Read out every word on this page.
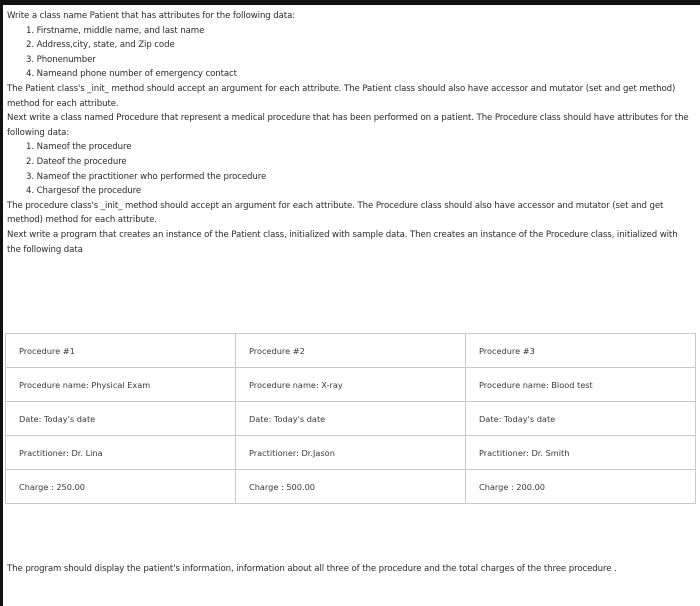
Write a class name Patient that has attributes for the following data:
1. Firstname, middle name, and last name
2. Address,city, state, and Zip code
3. Phonenumber
4. Nameand phone number of emergency contact
The Patient class's _init_ method should accept an argument for each attribute. The Patient class should also have accessor and mutator (set and get method) method for each attribute.
Next write a class named Procedure that represent a medical procedure that has been performed on a patient. The Procedure class should have attributes for the following data:
1. Nameof the procedure
2. Dateof the procedure
3. Nameof the practitioner who performed the procedure
4. Chargesof the procedure
The procedure class's _init_ method should accept an argument for each attribute. The Procedure class should also have accessor and mutator (set and get method) method for each attribute.
Next write a program that creates an instance of the Patient class, initialized with sample data. Then creates an instance of the Procedure class, initialized with the following data
Procedure #1	Procedure #2	Procedure #3
Procedure name: Physical Exam	Procedure name: X-ray	Procedure name: Blood test
Date: Today's date	Date: Today's date	Date: Today's date
Practitioner: Dr. Lina	Practitioner: Dr.Jason	Practitioner: Dr. Smith
Charge : 250.00	Charge : 500.00	Charge : 200.00
The program should display the patient's information, information about all three of the procedure and the total charges of the three procedure .
